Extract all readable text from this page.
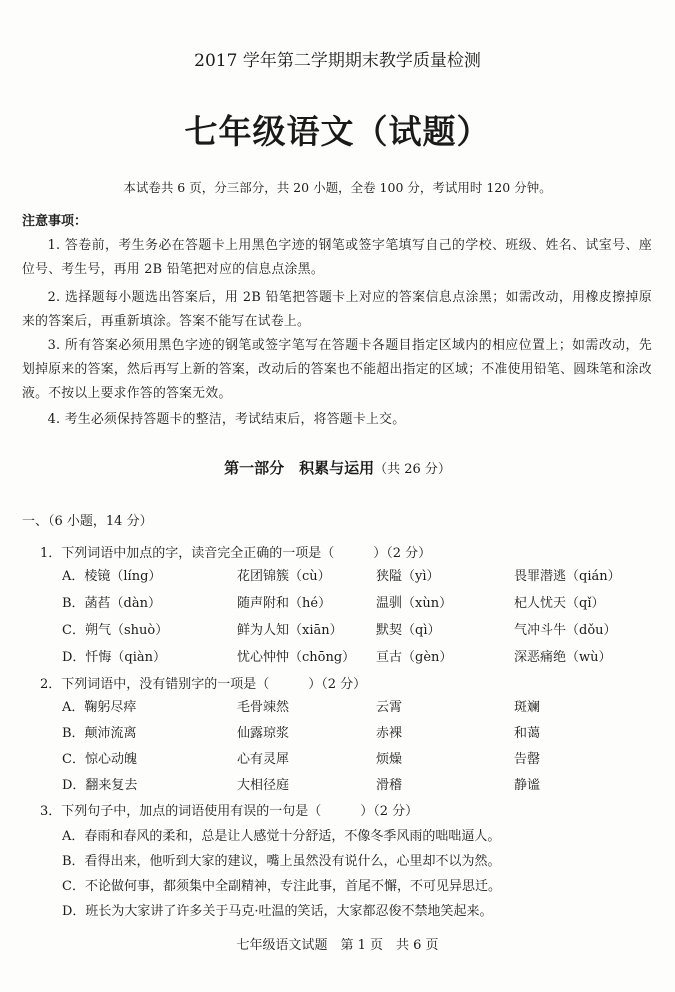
2017 学年第二学期期末教学质量检测
七年级语文（试题）
本试卷共 6 页，分三部分，共 20 小题，全卷 100 分，考试用时 120 分钟。
注意事项：
1. 答卷前，考生务必在答题卡上用黑色字迹的钢笔或签字笔填写自己的学校、班级、姓名、试室号、座位号、考生号，再用 2B 铅笔把对应的信息点涂黑。
2. 选择题每小题选出答案后，用 2B 铅笔把答题卡上对应的答案信息点涂黑；如需改动，用橡皮擦掉原来的答案后，再重新填涂。答案不能写在试卷上。
3. 所有答案必须用黑色字迹的钢笔或签字笔写在答题卡各题目指定区域内的相应位置上；如需改动，先划掉原来的答案，然后再写上新的答案，改动后的答案也不能超出指定的区域；不准使用铅笔、圆珠笔和涂改液。不按以上要求作答的答案无效。
4. 考生必须保持答题卡的整洁，考试结束后，将答题卡上交。
第一部分　积累与运用（共 26 分）
一、（6 小题，14 分）
1．下列词语中加点的字，读音完全正确的一项是（　　　）（2 分）
A．棱镜（líng）	花团锦簇（cù）	狭隘（yì）	畏罪潜逃（qián）
B．菡萏（dàn）	随声附和（hé）	温驯（xùn）	杞人忧天（qǐ）
C．朔气（shuò）	鲜为人知（xiān）	默契（qì）	气冲斗牛（dǒu）
D．忏悔（qiàn）	忧心忡忡（chōng） 亘古（gèn）	深恶痛绝（wù）
2．下列词语中，没有错别字的一项是（　　　）（2 分）
A．鞠躬尽瘁	毛骨竦然	云霄	斑斓
B．颠沛流离	仙露琼浆	赤裸	和蔼
C．惊心动魄	心有灵犀	烦燥	告罄
D．翻来复去	大相径庭	滑稽	静谧
3．下列句子中，加点的词语使用有误的一句是（　　　）（2 分）
A．春雨和春风的柔和，总是让人感觉十分舒适，不像冬季风雨的咄咄逼人。
B．看得出来，他听到大家的建议，嘴上虽然没有说什么，心里却不以为然。
C．不论做何事，都须集中全副精神，专注此事，首尾不懈，不可见异思迁。
D．班长为大家讲了许多关于马克·吐温的笑话，大家都忍俊不禁地笑起来。
七年级语文试题　第 1 页　共 6 页
